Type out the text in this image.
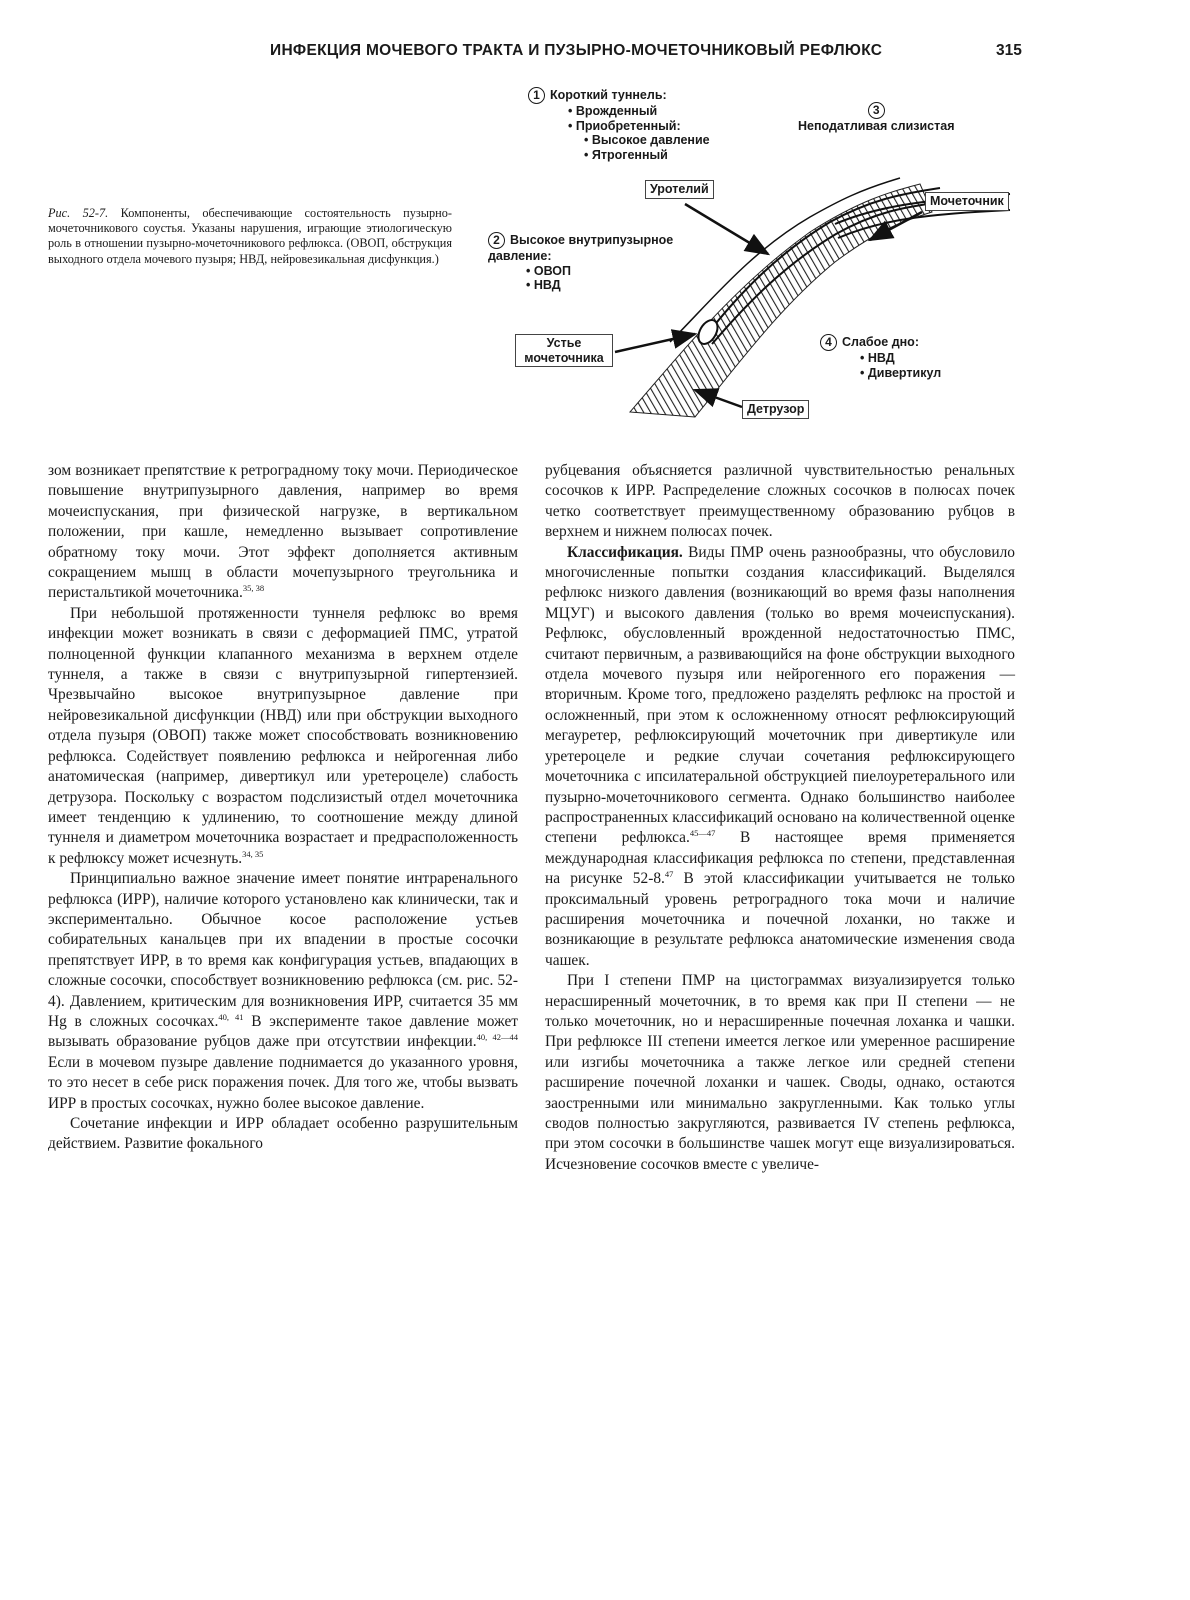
ИНФЕКЦИЯ МОЧЕВОГО ТРАКТА И ПУЗЫРНО-МОЧЕТОЧНИКОВЫЙ РЕФЛЮКС	315
Рис. 52-7. Компоненты, обеспечивающие состоятельность пузырно-мочеточникового соустья. Указаны нарушения, играющие этиологическую роль в отношении пузырно-мочеточникового рефлюкса. (ОВОП, обструкция выходного отдела мочевого пузыря; НВД, нейровезикальная дисфункция.)
1 Короткий туннель:
• Врожденный
• Приобретенный:
• Высокое давление
• Ятрогенный
3
Неподатливая слизистая
2 Высокое внутрипузырное давление:
• ОВОП
• НВД
4 Слабое дно:
• НВД
• Дивертикул
Уротелий
Мочеточник
Устье мочеточника
Детрузор

зом возникает препятствие к ретроградному току мочи. Периодическое повышение внутрипузырного давления, например во время мочеиспускания, при физической нагрузке, в вертикальном положении, при кашле, немедленно вызывает сопротивление обратному току мочи. Этот эффект дополняется активным сокращением мышц в области мочепузырного треугольника и перистальтикой мочеточника.$^{35, 38}$

При небольшой протяженности туннеля рефлюкс во время инфекции может возникать в связи с деформацией ПМС, утратой полноценной функции клапанного механизма в верхнем отделе туннеля, а также в связи с внутрипузырной гипертензией. Чрезвычайно высокое внутрипузырное давление при нейровезикальной дисфункции (НВД) или при обструкции выходного отдела пузыря (ОВОП) также может способствовать возникновению рефлюкса. Содействует появлению рефлюкса и нейрогенная либо анатомическая (например, дивертикул или уретероцеле) слабость детрузора. Поскольку с возрастом подслизистый отдел мочеточника имеет тенденцию к удлинению, то соотношение между длиной туннеля и диаметром мочеточника возрастает и предрасположенность к рефлюксу может исчезнуть.$^{34, 35}$

Принципиально важное значение имеет понятие интраренального рефлюкса (ИРР), наличие которого установлено как клинически, так и экспериментально. Обычное косое расположение устьев собирательных канальцев при их впадении в простые сосочки препятствует ИРР, в то время как конфигурация устьев, впадающих в сложные сосочки, способствует возникновению рефлюкса (см. рис. 52-4). Давлением, критическим для возникновения ИРР, считается 35 мм Hg в сложных сосочках.$^{40, 41}$ В эксперименте такое давление может вызывать образование рубцов даже при отсутствии инфекции.$^{40, 42—44}$ Если в мочевом пузыре давление поднимается до указанного уровня, то это несет в себе риск поражения почек. Для того же, чтобы вызвать ИРР в простых сосочках, нужно более высокое давление.

Сочетание инфекции и ИРР обладает особенно разрушительным действием. Развитие фокального

рубцевания объясняется различной чувствительностью ренальных сосочков к ИРР. Распределение сложных сосочков в полюсах почек четко соответствует преимущественному образованию рубцов в верхнем и нижнем полюсах почек.

Классификация. Виды ПМР очень разнообразны, что обусловило многочисленные попытки создания классификаций. Выделялся рефлюкс низкого давления (возникающий во время фазы наполнения МЦУГ) и высокого давления (только во время мочеиспускания). Рефлюкс, обусловленный врожденной недостаточностью ПМС, считают первичным, а развивающийся на фоне обструкции выходного отдела мочевого пузыря или нейрогенного его поражения — вторичным. Кроме того, предложено разделять рефлюкс на простой и осложненный, при этом к осложненному относят рефлюксирующий мегауретер, рефлюксирующий мочеточник при дивертикуле или уретероцеле и редкие случаи сочетания рефлюксирующего мочеточника с ипсилатеральной обструкцией пиелоуретерального или пузырно-мочеточникового сегмента. Однако большинство наиболее распространенных классификаций основано на количественной оценке степени рефлюкса.$^{45—47}$ В настоящее время применяется международная классификация рефлюкса по степени, представленная на рисунке 52-8.47 В этой классификации учитывается не только проксимальный уровень ретроградного тока мочи и наличие расширения мочеточника и почечной лоханки, но также и возникающие в результате рефлюкса анатомические изменения свода чашек.

При I степени ПМР на цистограммах визуализируется только нерасширенный мочеточник, в то время как при II степени — не только мочеточник, но и нерасширенные почечная лоханка и чашки. При рефлюксе III степени имеется легкое или умеренное расширение или изгибы мочеточника а также легкое или средней степени расширение почечной лоханки и чашек. Своды, однако, остаются заостренными или минимально закругленными. Как только углы сводов полностью закругляются, развивается IV степень рефлюкса, при этом сосочки в большинстве чашек могут еще визуализироваться. Исчезновение сосочков вместе с увеличе-
